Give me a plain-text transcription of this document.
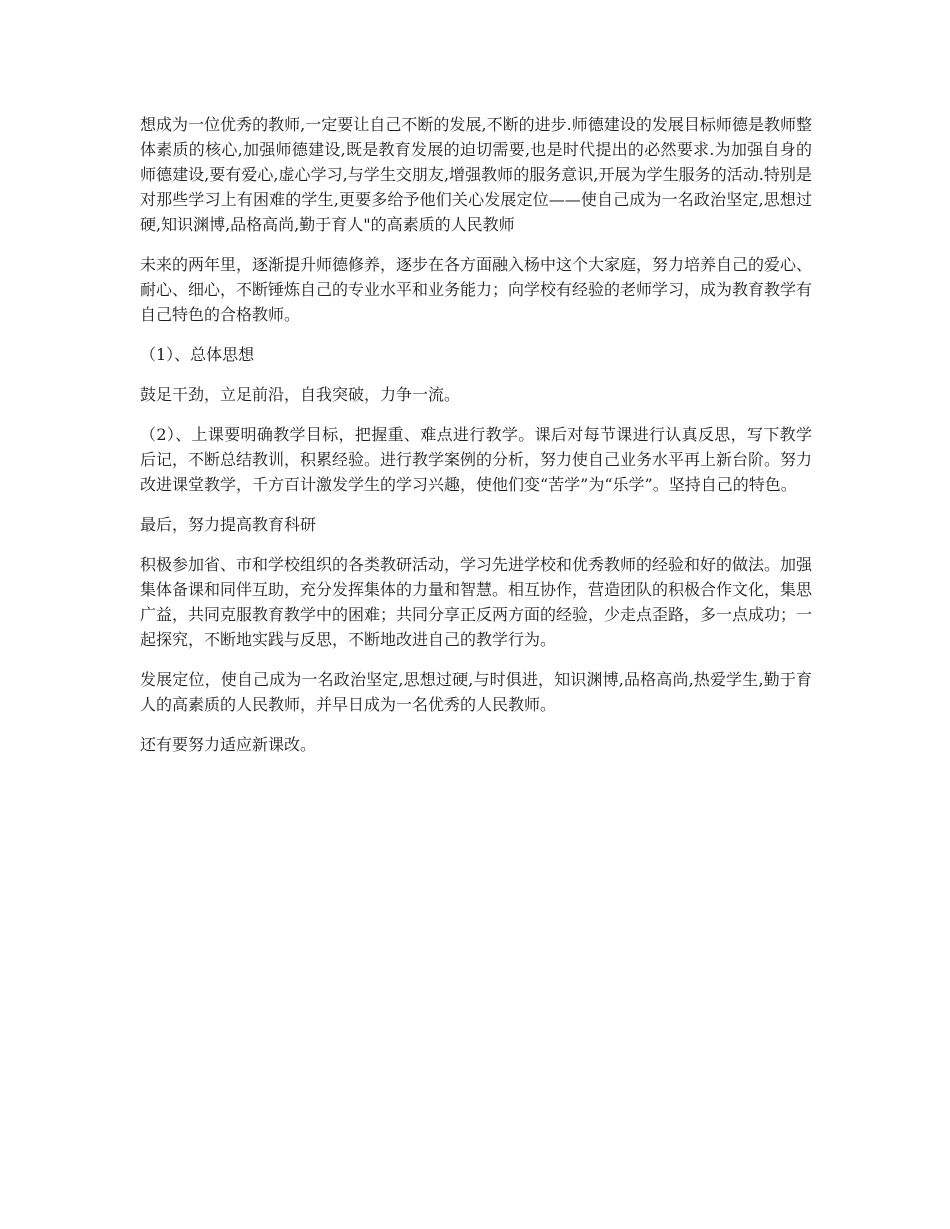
想成为一位优秀的教师,一定要让自己不断的发展,不断的进步.师德建设的发展目标师德是教师整体素质的核心,加强师德建设,既是教育发展的迫切需要,也是时代提出的必然要求.为加强自身的师德建设,要有爱心,虚心学习,与学生交朋友,增强教师的服务意识,开展为学生服务的活动.特别是对那些学习上有困难的学生,更要多给予他们关心发展定位——使自己成为一名政治坚定,思想过硬,知识渊博,品格高尚,勤于育人"的高素质的人民教师

未来的两年里，逐渐提升师德修养，逐步在各方面融入杨中这个大家庭，努力培养自己的爱心、耐心、细心，不断锤炼自己的专业水平和业务能力；向学校有经验的老师学习，成为教育教学有自己特色的合格教师。

（1）、总体思想

鼓足干劲，立足前沿，自我突破，力争一流。

（2）、上课要明确教学目标，把握重、难点进行教学。课后对每节课进行认真反思，写下教学后记，不断总结教训，积累经验。进行教学案例的分析，努力使自己业务水平再上新台阶。努力改进课堂教学，千方百计激发学生的学习兴趣，使他们变“苦学”为“乐学”。坚持自己的特色。

最后，努力提高教育科研

积极参加省、市和学校组织的各类教研活动，学习先进学校和优秀教师的经验和好的做法。加强集体备课和同伴互助，充分发挥集体的力量和智慧。相互协作，营造团队的积极合作文化，集思广益，共同克服教育教学中的困难；共同分享正反两方面的经验，少走点歪路，多一点成功；一起探究，不断地实践与反思，不断地改进自己的教学行为。

发展定位，使自己成为一名政治坚定,思想过硬,与时俱进，知识渊博,品格高尚,热爱学生,勤于育人的高素质的人民教师，并早日成为一名优秀的人民教师。

还有要努力适应新课改。
